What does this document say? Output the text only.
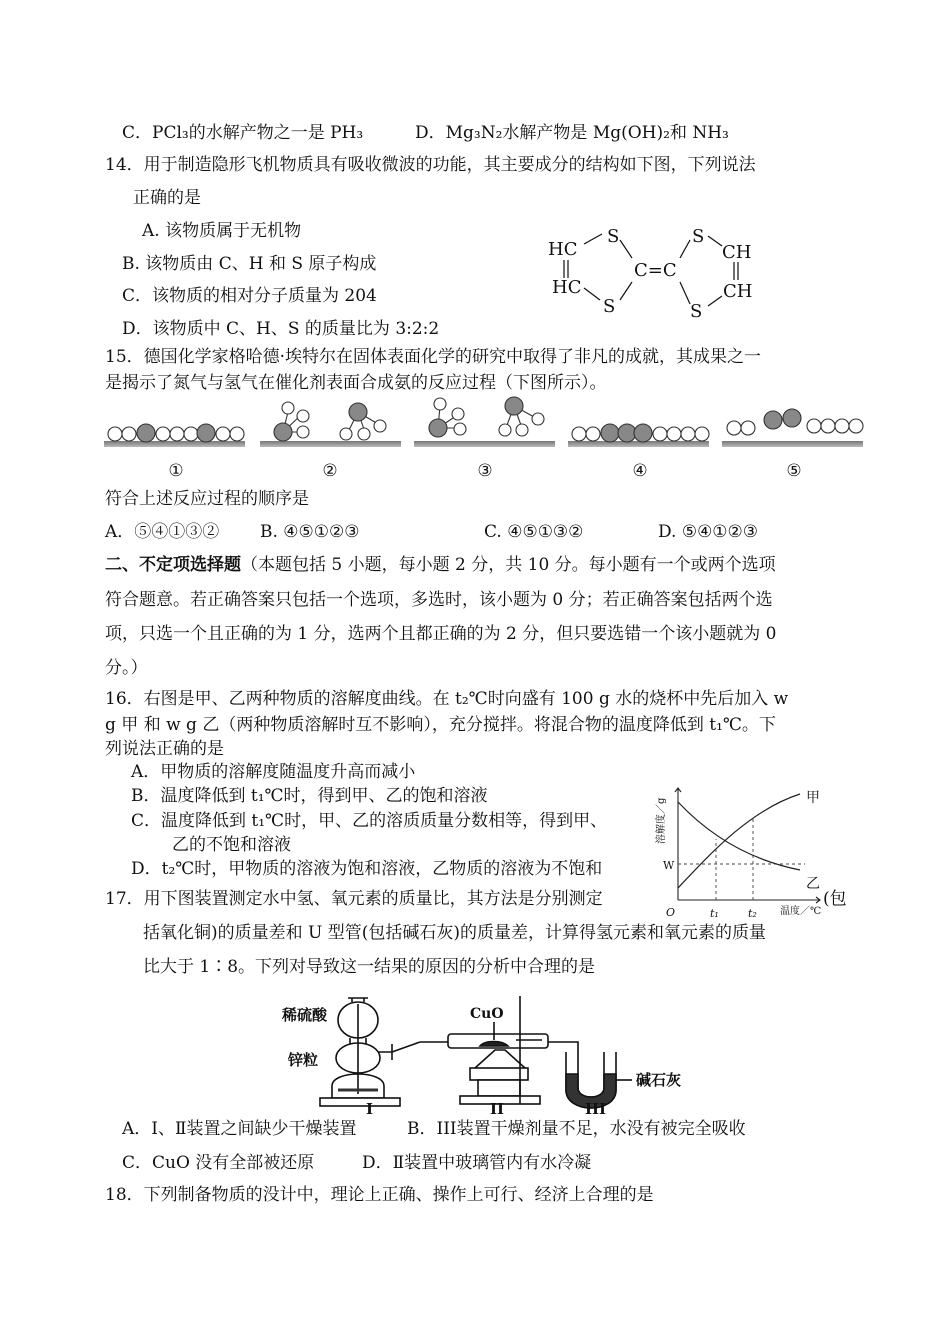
C．PCl₃的水解产物之一是 PH₃	D．Mg₃N₂水解产物是 Mg(OH)₂和 NH₃
14．用于制造隐形飞机物质具有吸收微波的功能，其主要成分的结构如下图，下列说法
正确的是
A. 该物质属于无机物
B. 该物质由 C、H 和 S 原子构成
C．该物质的相对分子质量为 204
D．该物质中 C、H、S 的质量比为 3:2:2
HC
HC
S
S
C=C
S
S
CH
CH
15．德国化学家格哈德·埃特尔在固体表面化学的研究中取得了非凡的成就，其成果之一
是揭示了氮气与氢气在催化剂表面合成氨的反应过程（下图所示）。
①	②	③	④	⑤
符合上述反应过程的顺序是
A．⑤④①③② B. ④⑤①②③	C. ④⑤①③②	D. ⑤④①②③
二、不定项选择题（本题包括 5 小题，每小题 2 分，共 10 分。每小题有一个或两个选项
符合题意。若正确答案只包括一个选项，多选时，该小题为 0 分；若正确答案包括两个选
项，只选一个且正确的为 1 分，选两个且都正确的为 2 分，但只要选错一个该小题就为 0
分。）
16．右图是甲、乙两种物质的溶解度曲线。在 t₂℃时向盛有 100 g 水的烧杯中先后加入 w
g 甲 和 w g 乙（两种物质溶解时互不影响），充分搅拌。将混合物的温度降低到 t₁℃。下
列说法正确的是
A．甲物质的溶解度随温度升高而减小
B．温度降低到 t₁℃时，得到甲、乙的饱和溶液
C．温度降低到 t₁℃时，甲、乙的溶质质量分数相等，得到甲、
乙的不饱和溶液
D．t₂℃时，甲物质的溶液为饱和溶液，乙物质的溶液为不饱和
溶解度／g
温度／℃
O	t₁	t₂
W
甲
乙
17．用下图装置测定水中氢、氧元素的质量比，其方法是分别测定	(包
括氧化铜)的质量差和 U 型管(包括碱石灰)的质量差，计算得氢元素和氧元素的质量
比大于 1∶8。下列对导致这一结果的原因的分析中合理的是
稀硫酸
锌粒
CuO
碱石灰
I	II	III
A．I、Ⅱ装置之间缺少干燥装置	B．III装置干燥剂量不足，水没有被完全吸收
C．CuO 没有全部被还原	D．Ⅱ装置中玻璃管内有水冷凝
18．下列制备物质的没计中，理论上正确、操作上可行、经济上合理的是
